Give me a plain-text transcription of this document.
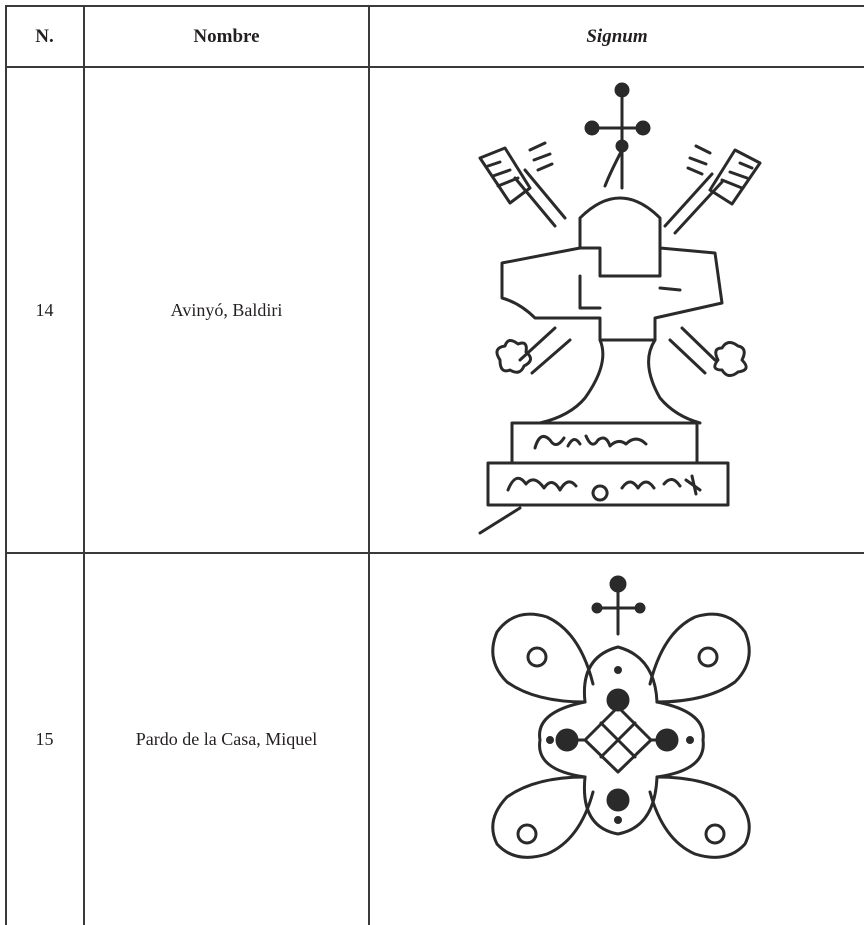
N.	Nombre	Signum
14	Avinyó, Baldiri
15	Pardo de la Casa, Miquel
